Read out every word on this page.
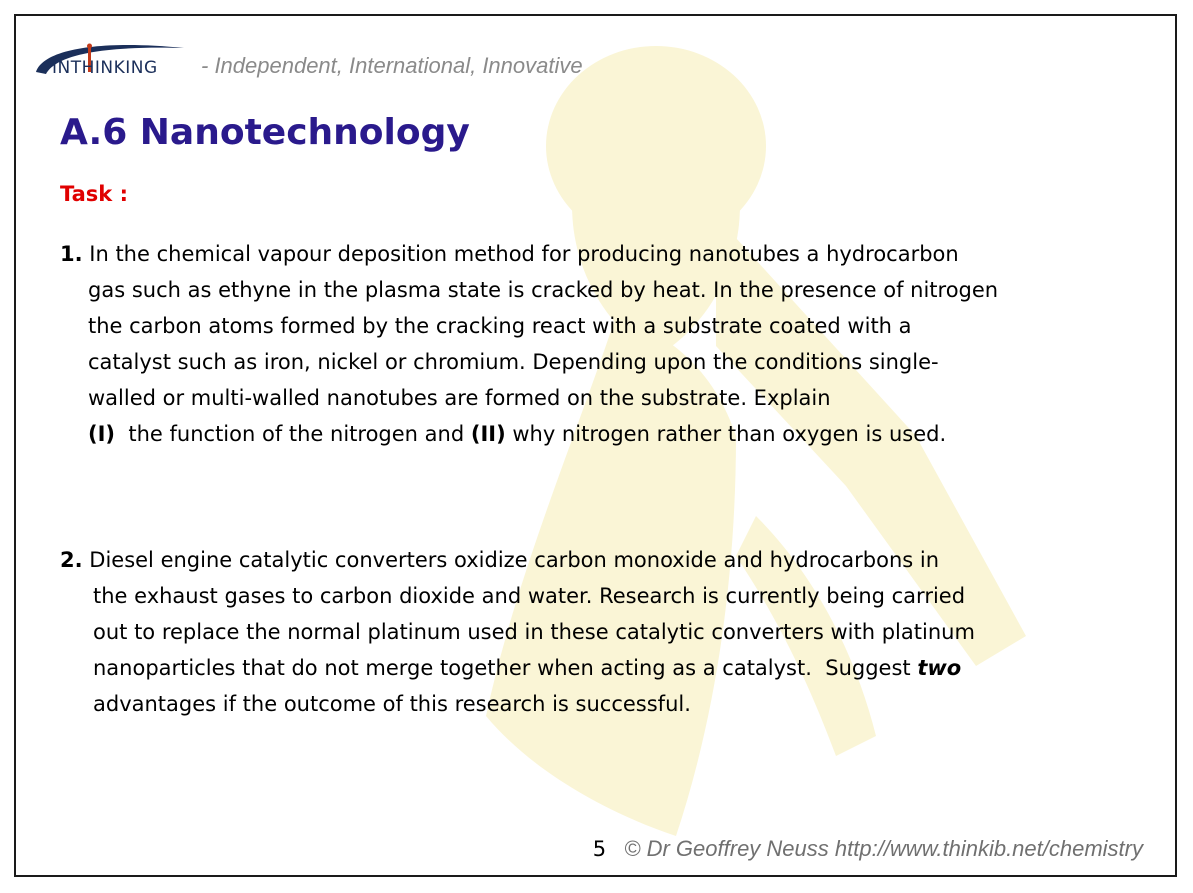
INTHINKING - Independent, International, Innovative
A.6 Nanotechnology
Task :
1. In the chemical vapour deposition method for producing nanotubes a hydrocarbon
gas such as ethyne in the plasma state is cracked by heat. In the presence of nitrogen
the carbon atoms formed by the cracking react with a substrate coated with a
catalyst such as iron, nickel or chromium. Depending upon the conditions single-
walled or multi-walled nanotubes are formed on the substrate. Explain
(I)  the function of the nitrogen and (II) why nitrogen rather than oxygen is used.
2. Diesel engine catalytic converters oxidize carbon monoxide and hydrocarbons in
the exhaust gases to carbon dioxide and water. Research is currently being carried
out to replace the normal platinum used in these catalytic converters with platinum
nanoparticles that do not merge together when acting as a catalyst.  Suggest two
advantages if the outcome of this research is successful.
5 © Dr Geoffrey Neuss http://www.thinkib.net/chemistry
